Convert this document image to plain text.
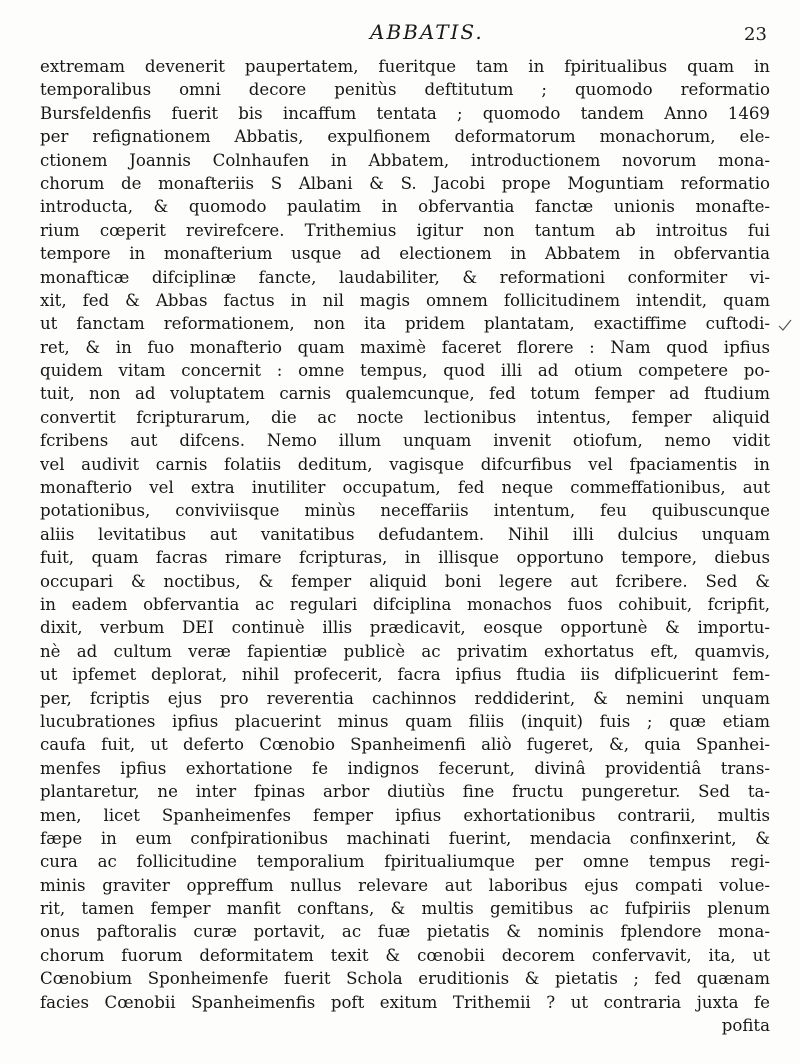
ABBATIS.	23
extremam devenerit paupertatem, fueritque tam in fpiritualibus quam in
temporalibus omni decore penitùs deftitutum ; quomodo reformatio
Bursfeldenfis fuerit bis incaffum tentata ; quomodo tandem Anno 1469
per refignationem Abbatis, expulfionem deformatorum monachorum, ele-
ctionem Joannis Colnhaufen in Abbatem, introductionem novorum mona-
chorum de monafteriis S Albani & S. Jacobi prope Moguntiam reformatio
introducta, & quomodo paulatim in obfervantia fanctæ unionis monafte-
rium cœperit revirefcere. Trithemius igitur non tantum ab introitus fui
tempore in monafterium usque ad electionem in Abbatem in obfervantia
monafticæ difciplinæ fancte, laudabiliter, & reformationi conformiter vi-
xit, fed & Abbas factus in nil magis omnem follicitudinem intendit, quam
ut fanctam reformationem, non ita pridem plantatam, exactiffime cuftodi-
ret, & in fuo monafterio quam maximè faceret florere : Nam quod ipfius
quidem vitam concernit : omne tempus, quod illi ad otium competere po-
tuit, non ad voluptatem carnis qualemcunque, fed totum femper ad ftudium
convertit fcripturarum, die ac nocte lectionibus intentus, femper aliquid
fcribens aut difcens. Nemo illum unquam invenit otiofum, nemo vidit
vel audivit carnis folatiis deditum, vagisque difcurfibus vel fpaciamentis in
monafterio vel extra inutiliter occupatum, fed neque commeffationibus, aut
potationibus, conviviisque minùs neceffariis intentum, feu quibuscunque
aliis levitatibus aut vanitatibus defudantem. Nihil illi dulcius unquam
fuit, quam facras rimare fcripturas, in illisque opportuno tempore, diebus
occupari & noctibus, & femper aliquid boni legere aut fcribere. Sed &
in eadem obfervantia ac regulari difciplina monachos fuos cohibuit, fcripfit,
dixit, verbum DEI continuè illis prædicavit, eosque opportunè & importu-
nè ad cultum veræ fapientiæ publicè ac privatim exhortatus eft, quamvis,
ut ipfemet deplorat, nihil profecerit, facra ipfius ftudia iis difplicuerint fem-
per, fcriptis ejus pro reverentia cachinnos reddiderint, & nemini unquam
lucubrationes ipfius placuerint minus quam filiis (inquit) fuis ; quæ etiam
caufa fuit, ut deferto Cœnobio Spanheimenfi aliò fugeret, &, quia Spanhei-
menfes ipfius exhortatione fe indignos fecerunt, divinâ providentiâ trans-
plantaretur, ne inter fpinas arbor diutiùs fine fructu pungeretur. Sed ta-
men, licet Spanheimenfes femper ipfius exhortationibus contrarii, multis
fæpe in eum confpirationibus machinati fuerint, mendacia confinxerint, &
cura ac follicitudine temporalium fpiritualiumque per omne tempus regi-
minis graviter oppreffum nullus relevare aut laboribus ejus compati volue-
rit, tamen femper manfit conftans, & multis gemitibus ac fufpiriis plenum
onus paftoralis curæ portavit, ac fuæ pietatis & nominis fplendore mona-
chorum fuorum deformitatem texit & cœnobii decorem confervavit, ita, ut
Cœnobium Sponheimenfe fuerit Schola eruditionis & pietatis ; fed quænam
facies Cœnobii Spanheimenfis poft exitum Trithemii ? ut contraria juxta fe
pofita
